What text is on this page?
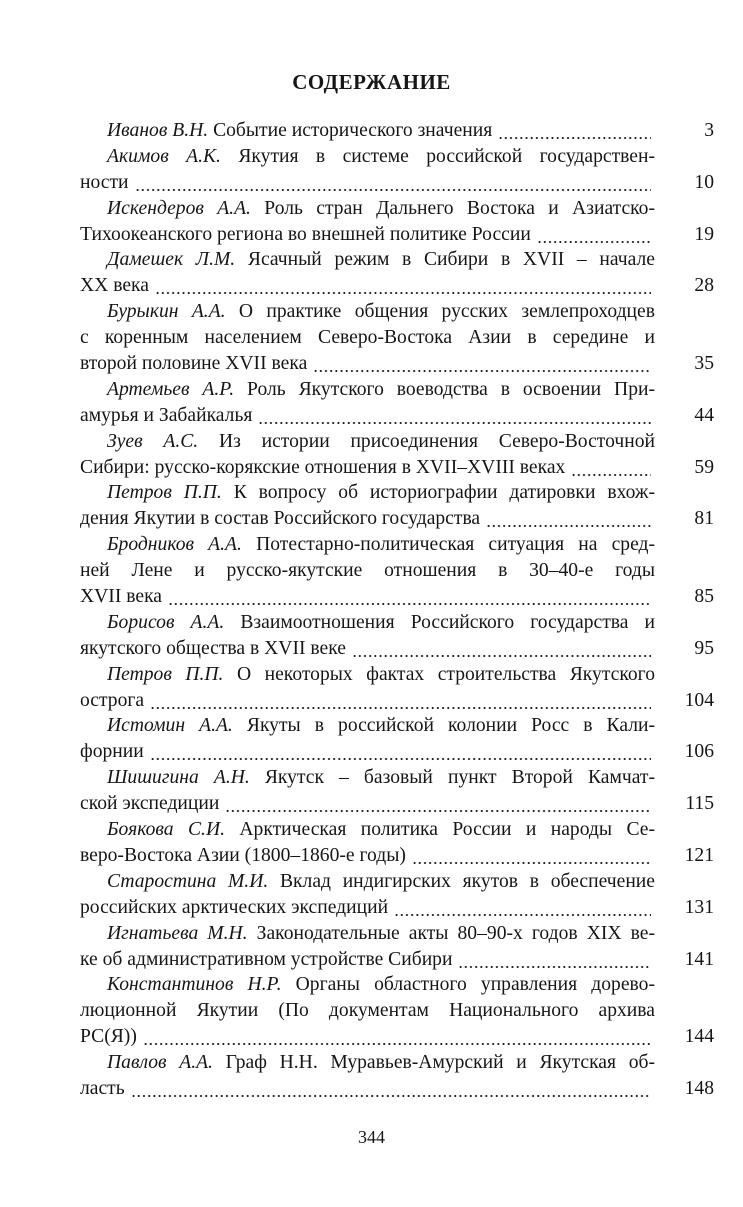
СОДЕРЖАНИЕ
Иванов В.Н. Событие исторического значения	3
Акимов А.К. Якутия в системе российской государствен-
ности	10
Искендеров А.А. Роль стран Дальнего Востока и Азиатско-
Тихоокеанского региона во внешней политике России	19
Дамешек Л.М. Ясачный режим в Сибири в XVII – начале
XX века	28
Бурыкин А.А. О практике общения русских землепроходцев
с коренным населением Северо-Востока Азии в середине и
второй половине XVII века	35
Артемьев А.Р. Роль Якутского воеводства в освоении При-
амурья и Забайкалья	44
Зуев А.С. Из истории присоединения Северо-Восточной
Сибири: русско-корякские отношения в XVII–XVIII веках	59
Петров П.П. К вопросу об историографии датировки вхож-
дения Якутии в состав Российского государства	81
Бродников А.А. Потестарно-политическая ситуация на сред-
ней Лене и русско-якутские отношения в 30–40-е годы
XVII века	85
Борисов А.А. Взаимоотношения Российского государства и
якутского общества в XVII веке	95
Петров П.П. О некоторых фактах строительства Якутского
острога	104
Истомин А.А. Якуты в российской колонии Росс в Кали-
форнии	106
Шишигина А.Н. Якутск – базовый пункт Второй Камчат-
ской экспедиции	115
Боякова С.И. Арктическая политика России и народы Се-
веро-Востока Азии (1800–1860-е годы)	121
Старостина М.И. Вклад индигирских якутов в обеспечение
российских арктических экспедиций	131
Игнатьева М.Н. Законодательные акты 80–90-х годов XIX ве-
ке об административном устройстве Сибири	141
Константинов Н.Р. Органы областного управления дорево-
люционной Якутии (По документам Национального архива
РС(Я))	144
Павлов А.А. Граф Н.Н. Муравьев-Амурский и Якутская об-
ласть	148
344
